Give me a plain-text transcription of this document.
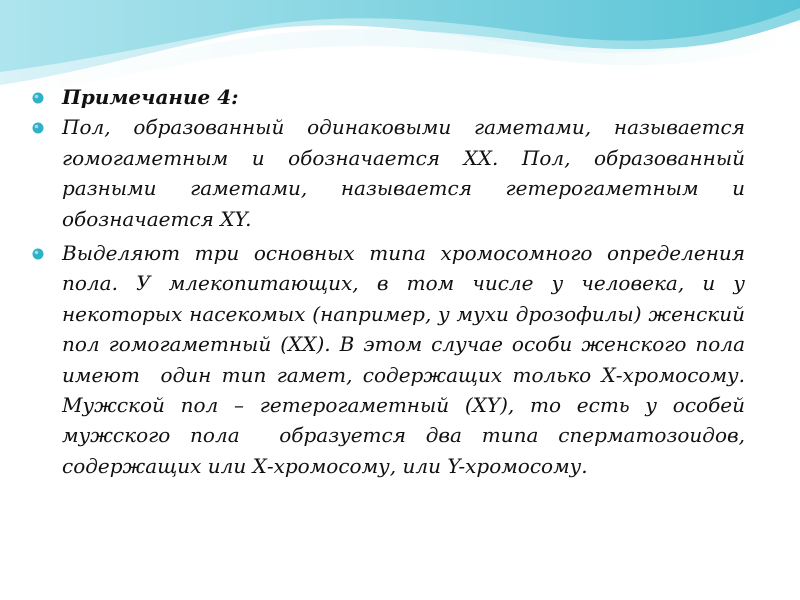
Примечание 4:
Пол, образованный одинаковыми гаметами, называется гомогаметным и обозначается ХХ. Пол, образованный разными гаметами, называется гетерогаметным и обозначается ХY.
Выделяют три основных типа хромосомного определения пола. У млекопитающих, в том числе у человека, и у некоторых насекомых (например, у мухи дрозофилы) женский пол гомогаметный (ХХ). В этом случае особи женского пола имеют  один тип гамет, содержащих только Х-хромосому. Мужской пол – гетерогаметный (ХY), то есть у особей мужского пола  образуется два типа сперматозоидов, содержащих или Х-хромосому, или Y-хромосому.
